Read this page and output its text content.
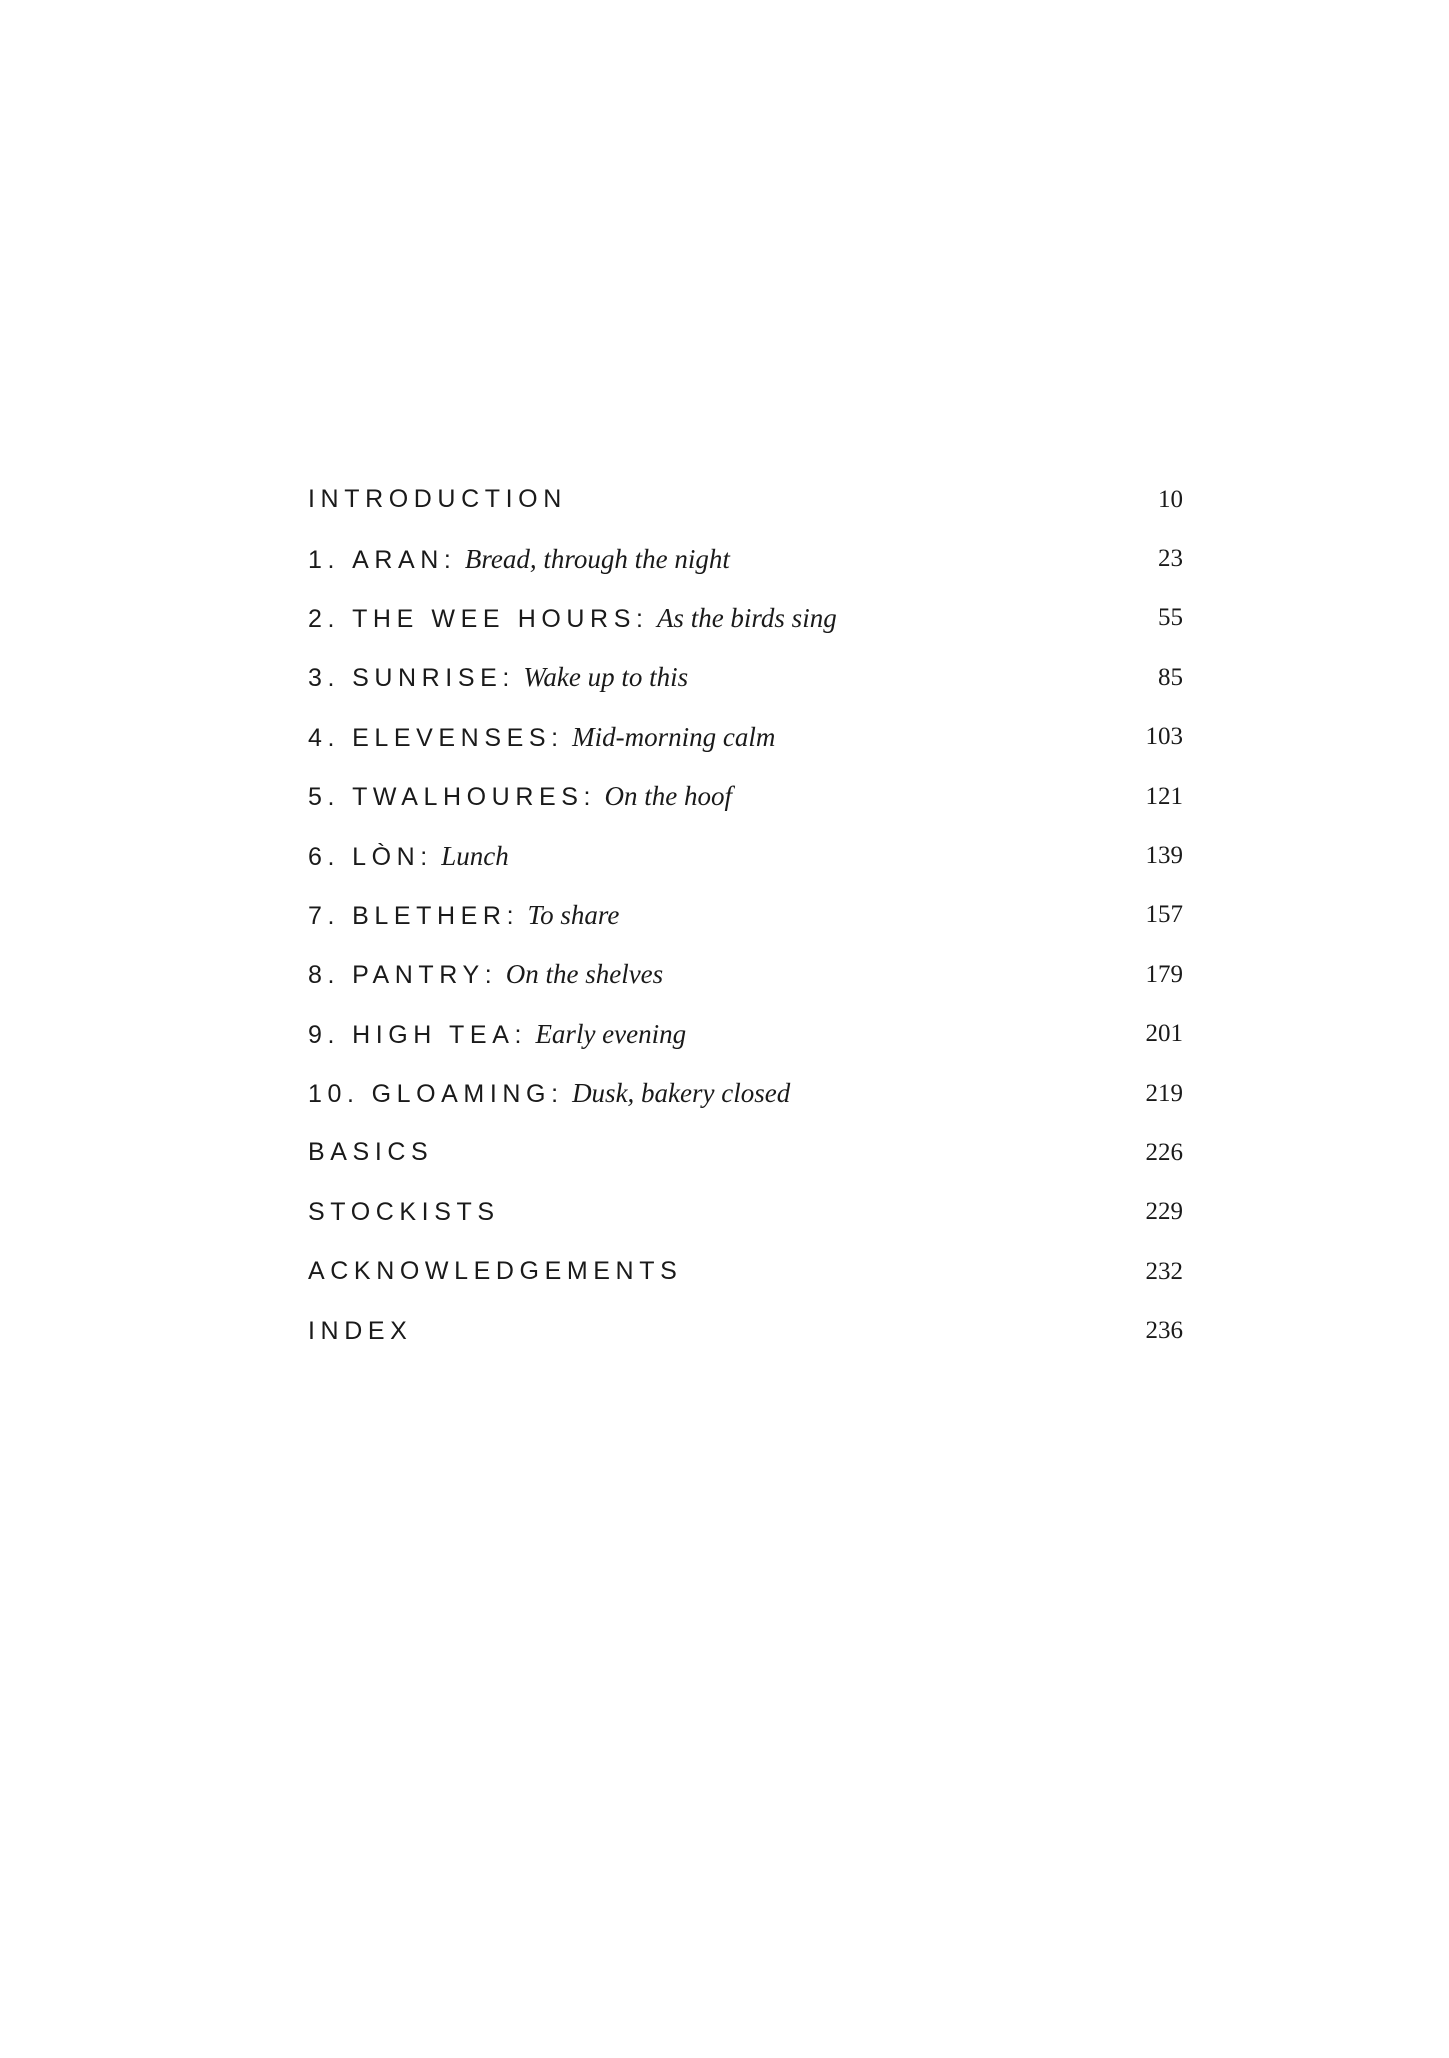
INTRODUCTION	10
1. ARAN : Bread, through the night	23
2. THE WEE HOURS : As the birds sing	55
3. SUNRISE : Wake up to this	85
4. ELEVENSES : Mid-morning calm	103
5. TWALHOURES : On the hoof	121
6. LÒN : Lunch	139
7. BLETHER : To share	157
8. PANTRY : On the shelves	179
9. HIGH TEA : Early evening	201
10. GLOAMING : Dusk, bakery closed	219
BASICS	226
STOCKISTS	229
ACKNOWLEDGEMENTS	232
INDEX	236
